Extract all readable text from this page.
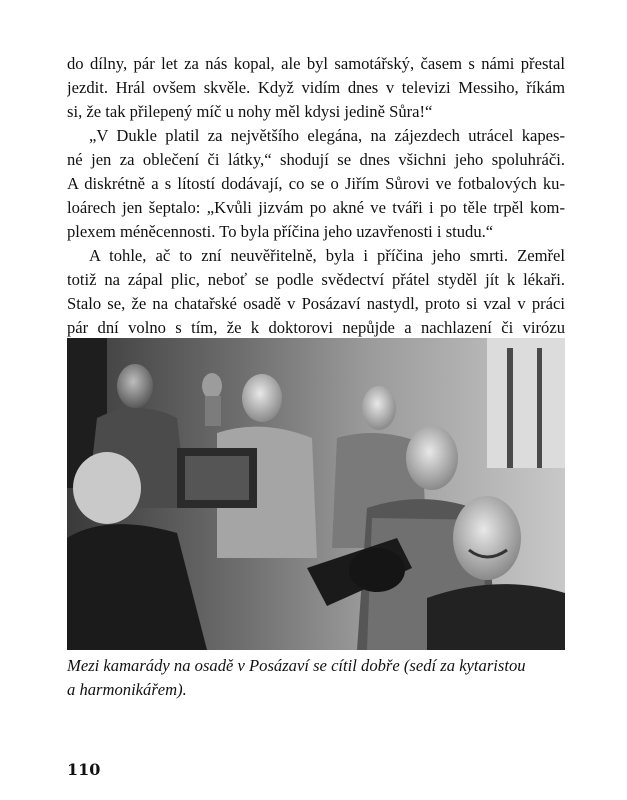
do dílny, pár let za nás kopal, ale byl samotářský, časem s námi přestal
jezdit. Hrál ovšem skvěle. Když vidím dnes v televizi Messiho, říkám
si, že tak přilepený míč u nohy měl kdysi jedině Sůra!“

„V Dukle platil za největšího elegána, na zájezdech utrácel kapes-
né jen za oblečení či látky,“ shodují se dnes všichni jeho spoluhráči.
A diskrétně a s lítostí dodávají, co se o Jiřím Sůrovi ve fotbalových ku-
loárech jen šeptalo: „Kvůli jizvám po akné ve tváři i po těle trpěl kom-
plexem méněcennosti. To byla příčina jeho uzavřenosti i studu.“

A tohle, ač to zní neuvěřitelně, byla i příčina jeho smrti. Zemřel
totiž na zápal plic, neboť se podle svědectví přátel styděl jít k lékaři.
Stalo se, že na chatařské osadě v Posázaví nastydl, proto si vzal v práci
pár dní volno s tím, že k doktorovi nepůjde a nachlazení či virózu

Mezi kamarády na osadě v Posázaví se cítil dobře (sedí za kytaristou
a harmonikářem).
110
